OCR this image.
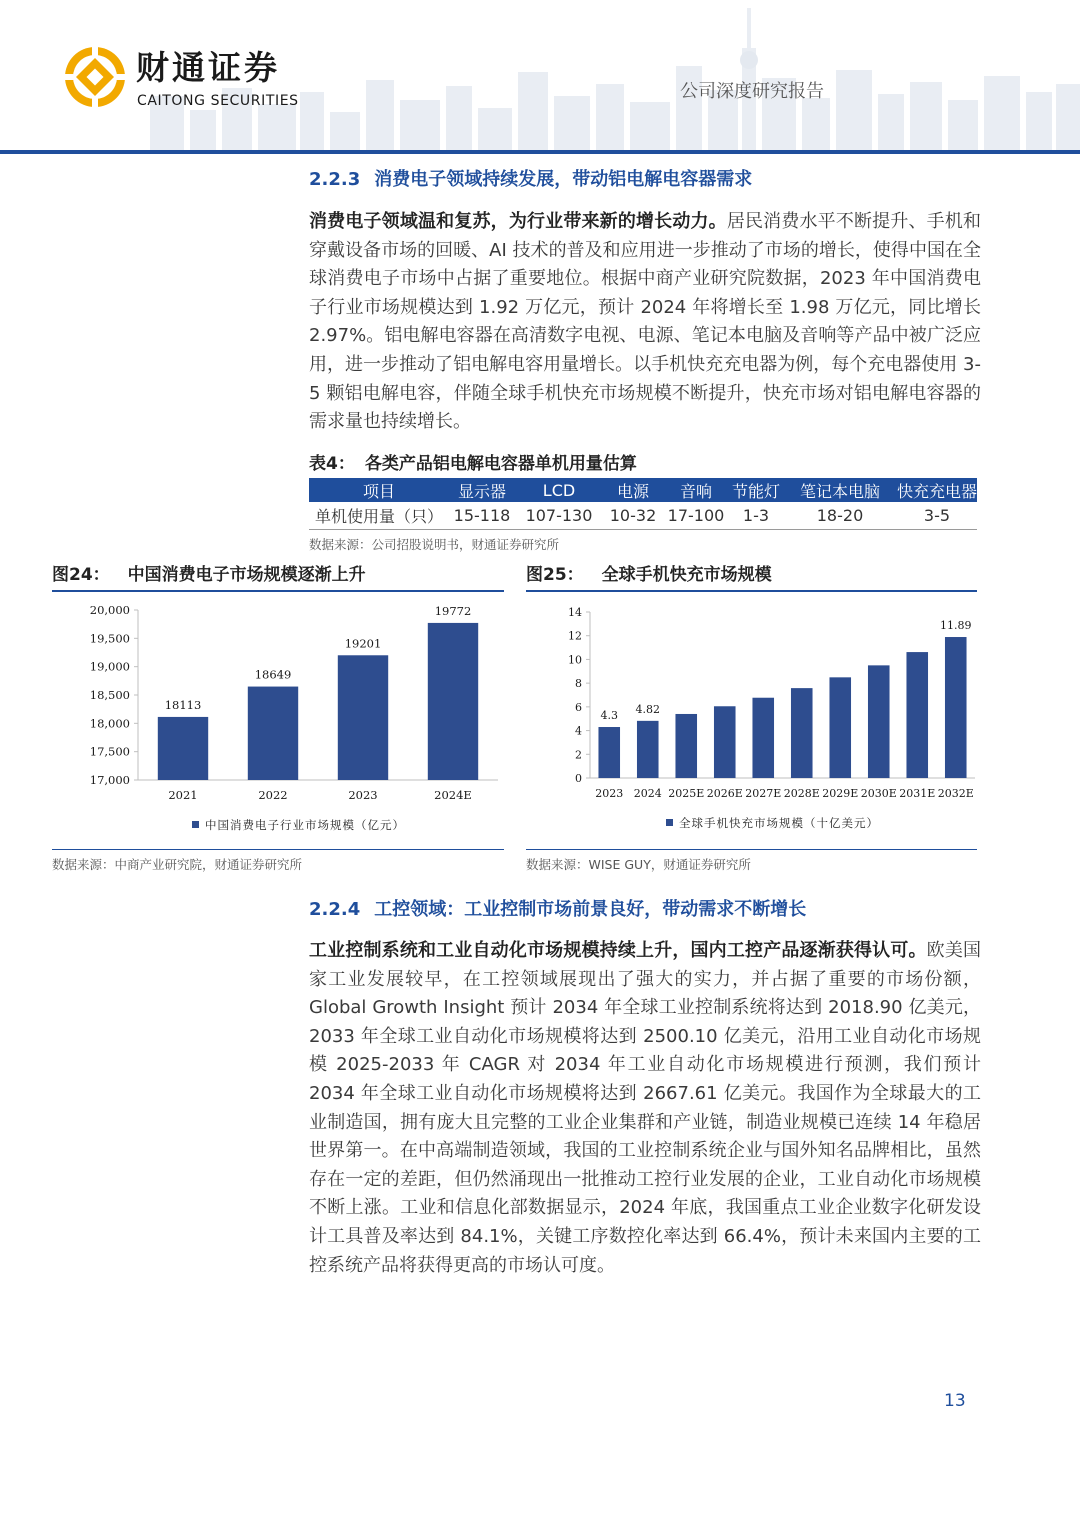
财通证券
CAITONG SECURITIES	公司深度研究报告
2.2.3 消费电子领域持续发展，带动铝电解电容器需求
消费电子领域温和复苏，为行业带来新的增长动力。居民消费水平不断提升、手机和穿戴设备市场的回暖、AI 技术的普及和应用进一步推动了市场的增长，使得中国在全球消费电子市场中占据了重要地位。根据中商产业研究院数据，2023 年中国消费电子行业市场规模达到 1.92 万亿元，预计 2024 年将增长至 1.98 万亿元，同比增长 2.97%。铝电解电容器在高清数字电视、电源、笔记本电脑及音响等产品中被广泛应用，进一步推动了铝电解电容用量增长。以手机快充充电器为例，每个充电器使用 3-5 颗铝电解电容，伴随全球手机快充市场规模不断提升，快充市场对铝电解电容器的需求量也持续增长。
表4： 各类产品铝电解电容器单机用量估算
项目	显示器	LCD	电源	音响	节能灯	笔记本电脑	快充充电器
单机使用量（只）	15-118	107-130	10-32	17-100	1-3	18-20	3-5
数据来源：公司招股说明书，财通证券研究所
图24： 中国消费电子市场规模逐渐上升
17,000
17,500
18,000
18,500
19,000
19,500
20,000
2021
18113
2022
18649
2023
19201
2024E
19772
中国消费电子行业市场规模（亿元）
数据来源：中商产业研究院，财通证券研究所
图25： 全球手机快充市场规模
0
2
4
6
8
10
12
14
2023
4.3
2024
4.82
2025E 2026E 2027E 2028E 2029E 2030E 2031E 2032E
11.89
全球手机快充市场规模（十亿美元）
数据来源：WISE GUY，财通证券研究所
2.2.4 工控领域：工业控制市场前景良好，带动需求不断增长
工业控制系统和工业自动化市场规模持续上升，国内工控产品逐渐获得认可。欧美国家工业发展较早，在工控领域展现出了强大的实力，并占据了重要的市场份额，Global Growth Insight 预计 2034 年全球工业控制系统将达到 2018.90 亿美元，2033 年全球工业自动化市场规模将达到 2500.10 亿美元，沿用工业自动化市场规模 2025-2033 年 CAGR 对 2034 年工业自动化市场规模进行预测，我们预计 2034 年全球工业自动化市场规模将达到 2667.61 亿美元。我国作为全球最大的工业制造国，拥有庞大且完整的工业企业集群和产业链，制造业规模已连续 14 年稳居世界第一。在中高端制造领域，我国的工业控制系统企业与国外知名品牌相比，虽然存在一定的差距，但仍然涌现出一批推动工控行业发展的企业，工业自动化市场规模不断上涨。工业和信息化部数据显示，2024 年底，我国重点工业企业数字化研发设计工具普及率达到 84.1%，关键工序数控化率达到 66.4%，预计未来国内主要的工控系统产品将获得更高的市场认可度。
13
